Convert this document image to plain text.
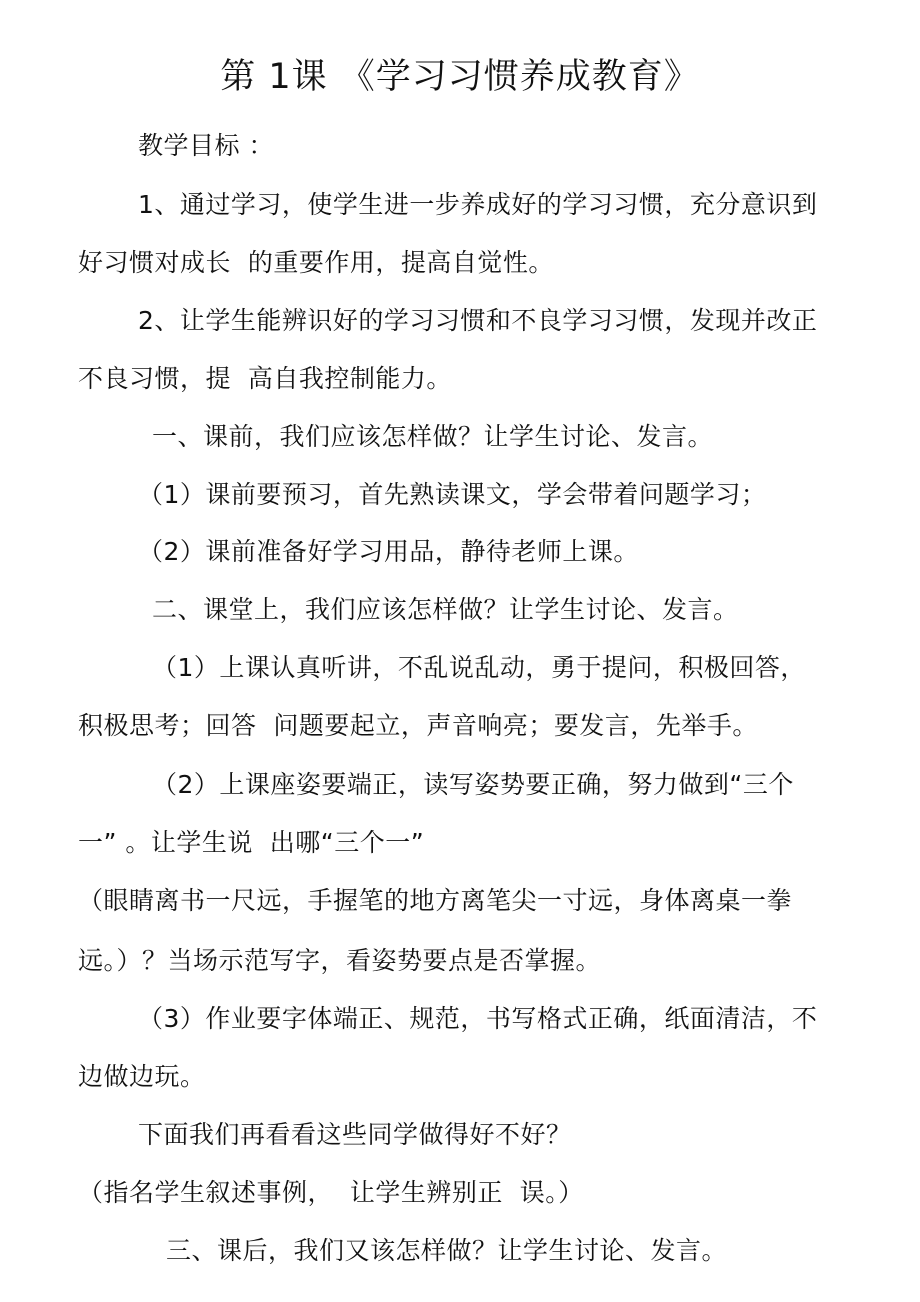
第 1课 《学习习惯养成教育》
教学目标 ：
1、通过学习，使学生进一步养成好的学习习惯，充分意识到
好习惯对成长  的重要作用，提高自觉性。
2、让学生能辨识好的学习习惯和不良学习习惯，发现并改正
不良习惯，提  高自我控制能力。
一、课前，我们应该怎样做？让学生讨论、发言。
（1）课前要预习，首先熟读课文，学会带着问题学习；
（2）课前准备好学习用品，静待老师上课。
二、课堂上，我们应该怎样做？让学生讨论、发言。
（1）上课认真听讲，不乱说乱动，勇于提问，积极回答，
积极思考；回答  问题要起立，声音响亮；要发言，先举手。
（2）上课座姿要端正，读写姿势要正确，努力做到“三个
一” 。让学生说  出哪“三个一”
（眼睛离书一尺远，手握笔的地方离笔尖一寸远，身体离桌一拳
远。）？当场示范写字，看姿势要点是否掌握。
（3）作业要字体端正、规范，书写格式正确，纸面清洁，不
边做边玩。
下面我们再看看这些同学做得好不好？
（指名学生叙述事例，  让学生辨别正  误。）
三、课后，我们又该怎样做？让学生讨论、发言。
